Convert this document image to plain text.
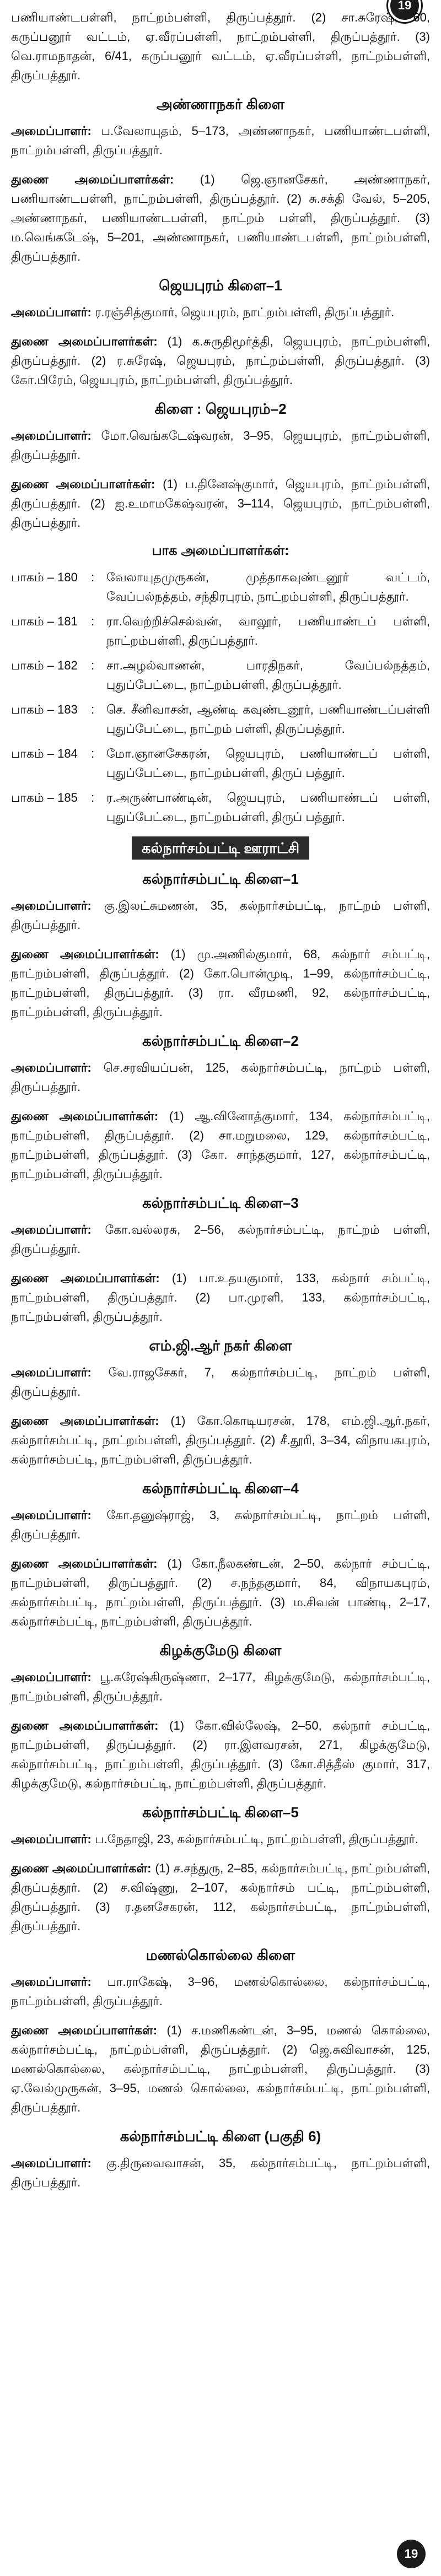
19

பணியாண்டபள்ளி, நாட்றம்பள்ளி, திருப்பத்தூர். (2) சா.சுரேஷ், 60, கருப்பனூர் வட்டம், ஏ.வீரப்பள்ளி, நாட்றம்பள்ளி, திருப்பத்தூர். (3) வெ.ராமநாதன், 6/41, கருப்பனூர் வட்டம், ஏ.வீரப்பள்ளி, நாட்றம்பள்ளி, திருப்பத்தூர்.

அண்ணாநகர் கிளை

அமைப்பாளர்: ப.வேலாயுதம், 5–173, அண்ணாநகர், பணியாண்டபள்ளி, நாட்றம்பள்ளி, திருப்பத்தூர்.

துணை அமைப்பாளர்கள்: (1) ஜெ.ஞானசேகர், அண்ணாநகர், பணியாண்டபள்ளி, நாட்றம்பள்ளி, திருப்பத்தூர். (2) சு.சக்தி வேல், 5–205, அண்ணாநகர், பணியாண்டபள்ளி, நாட்றம் பள்ளி, திருப்பத்தூர். (3) ம.வெங்கடேஷ், 5–201, அண்ணாநகர், பணியாண்டபள்ளி, நாட்றம்பள்ளி, திருப்பத்தூர்.

ஜெயபுரம் கிளை–1

அமைப்பாளர்: ர.ரஞ்சித்குமார், ஜெயபுரம், நாட்றம்பள்ளி, திருப்பத்தூர்.

துணை அமைப்பாளர்கள்: (1) க.சுருதிமூர்த்தி, ஜெயபுரம், நாட்றம்பள்ளி, திருப்பத்தூர். (2) ர.சுரேஷ், ஜெயபுரம், நாட்றம்பள்ளி, திருப்பத்தூர். (3) கோ.பிரேம், ஜெயபுரம், நாட்றம்பள்ளி, திருப்பத்தூர்.

கிளை : ஜெயபுரம்–2

அமைப்பாளர்: மோ.வெங்கடேஷ்வரன், 3–95, ஜெயபுரம், நாட்றம்பள்ளி, திருப்பத்தூர்.

துணை அமைப்பாளர்கள்: (1) ப.தினேஷ்குமார், ஜெயபுரம், நாட்றம்பள்ளி, திருப்பத்தூர். (2) ஐ.உமாமகேஷ்வரன், 3–114, ஜெயபுரம், நாட்றம்பள்ளி, திருப்பத்தூர்.

பாக அமைப்பாளர்கள்:
பாகம் – 180	: வேலாயுதமுருகன், முத்தாகவுண்டனூர் வட்டம், வேப்பல்நத்தம், சந்திரபுரம், நாட்றம்பள்ளி, திருப்பத்தூர்.
பாகம் – 181	: ரா.வெற்றிச்செல்வன், வாலூர், பணியாண்டப் பள்ளி, நாட்றம்பள்ளி, திருப்பத்தூர்.
பாகம் – 182	: சா.அழல்வாணன், பாரதிநகர், வேப்பல்நத்தம், புதுப்பேட்டை, நாட்றம்பள்ளி, திருப்பத்தூர்.
பாகம் – 183	: செ. சீனிவாசன், ஆண்டி கவுண்டனூர், பணியாண்டப்பள்ளி புதுப்பேட்டை, நாட்றம் பள்ளி, திருப்பத்தூர்.
பாகம் – 184	: மோ.ஞானசேகரன், ஜெயபுரம், பணியாண்டப் பள்ளி, புதுப்பேட்டை, நாட்றம்பள்ளி, திருப் பத்தூர்.
பாகம் – 185	: ர.அருண்பாண்டின், ஜெயபுரம், பணியாண்டப் பள்ளி, புதுப்பேட்டை, நாட்றம்பள்ளி, திருப் பத்தூர்.
கல்நார்சம்பட்டி ஊராட்சி
கல்நார்சம்பட்டி கிளை–1

அமைப்பாளர்: கு.இலட்சுமணன், 35, கல்நார்சம்பட்டி, நாட்றம் பள்ளி, திருப்பத்தூர்.

துணை அமைப்பாளர்கள்: (1) மு.அணில்குமார், 68, கல்நார் சம்பட்டி, நாட்றம்பள்ளி, திருப்பத்தூர். (2) கோ.பொன்முடி, 1–99, கல்நார்சம்பட்டி, நாட்றம்பள்ளி, திருப்பத்தூர். (3) ரா. வீரமணி, 92, கல்நார்சம்பட்டி, நாட்றம்பள்ளி, திருப்பத்தூர்.

கல்நார்சம்பட்டி கிளை–2

அமைப்பாளர்: செ.சரவியப்பன், 125, கல்நார்சம்பட்டி, நாட்றம் பள்ளி, திருப்பத்தூர்.

துணை அமைப்பாளர்கள்: (1) ஆ.வினோத்குமார், 134, கல்நார்சம்பட்டி, நாட்றம்பள்ளி, திருப்பத்தூர். (2) சா.மறுமலை, 129, கல்நார்சம்பட்டி, நாட்றம்பள்ளி, திருப்பத்தூர். (3) கோ. சாந்தகுமார், 127, கல்நார்சம்பட்டி, நாட்றம்பள்ளி, திருப்பத்தூர்.

கல்நார்சம்பட்டி கிளை–3

அமைப்பாளர்: கோ.வல்லரசு, 2–56, கல்நார்சம்பட்டி, நாட்றம் பள்ளி, திருப்பத்தூர்.

துணை அமைப்பாளர்கள்: (1) பா.உதயகுமார், 133, கல்நார் சம்பட்டி, நாட்றம்பள்ளி, திருப்பத்தூர். (2) பா.முரளி, 133, கல்நார்சம்பட்டி, நாட்றம்பள்ளி, திருப்பத்தூர்.

எம்.ஜி.ஆர் நகர் கிளை

அமைப்பாளர்: வே.ராஜசேகர், 7, கல்நார்சம்பட்டி, நாட்றம் பள்ளி, திருப்பத்தூர்.

துணை அமைப்பாளர்கள்: (1) கோ.கொடியரசன், 178, எம்.ஜி.ஆர்.நகர், கல்நார்சம்பட்டி, நாட்றம்பள்ளி, திருப்பத்தூர். (2) சீ.தூரி, 3–34, விநாயகபுரம், கல்நார்சம்பட்டி, நாட்றம்பள்ளி, திருப்பத்தூர்.

கல்நார்சம்பட்டி கிளை–4

அமைப்பாளர்: கோ.தனுஷ்ராஜ், 3, கல்நார்சம்பட்டி, நாட்றம் பள்ளி, திருப்பத்தூர்.

துணை அமைப்பாளர்கள்: (1) கோ.நீலகண்டன், 2–50, கல்நார் சம்பட்டி, நாட்றம்பள்ளி, திருப்பத்தூர். (2) ச.நந்தகுமார், 84, விநாயகபுரம், கல்நார்சம்பட்டி, நாட்றம்பள்ளி, திருப்பத்தூர். (3) ம.சிவன் பாண்டி, 2–17, கல்நார்சம்பட்டி, நாட்றம்பள்ளி, திருப்பத்தூர்.

கிழக்குமேடு கிளை

அமைப்பாளர்: பூ.சுரேஷ்கிருஷ்ணா, 2–177, கிழக்குமேடு, கல்நார்சம்பட்டி, நாட்றம்பள்ளி, திருப்பத்தூர்.

துணை அமைப்பாளர்கள்: (1) கோ.வில்லேஷ், 2–50, கல்நார் சம்பட்டி, நாட்றம்பள்ளி, திருப்பத்தூர். (2) ரா.இளவரசன், 271, கிழக்குமேடு, கல்நார்சம்பட்டி, நாட்றம்பள்ளி, திருப்பத்தூர். (3) கோ.சித்தீஸ் குமார், 317, கிழக்குமேடு, கல்நார்சம்பட்டி, நாட்றம்பள்ளி, திருப்பத்தூர்.

கல்நார்சம்பட்டி கிளை–5

அமைப்பாளர்: ப.நேதாஜி, 23, கல்நார்சம்பட்டி, நாட்றம்பள்ளி, திருப்பத்தூர்.

துணை அமைப்பாளர்கள்: (1) ச.சந்துரு, 2–85, கல்நார்சம்பட்டி, நாட்றம்பள்ளி, திருப்பத்தூர். (2) ச.விஷ்ணு, 2–107, கல்நார்சம் பட்டி, நாட்றம்பள்ளி, திருப்பத்தூர். (3) ர.தனசேகரன், 112, கல்நார்சம்பட்டி, நாட்றம்பள்ளி, திருப்பத்தூர்.

மணல்கொல்லை கிளை

அமைப்பாளர்: பா.ராகேஷ், 3–96, மணல்கொல்லை, கல்நார்சம்பட்டி, நாட்றம்பள்ளி, திருப்பத்தூர்.

துணை அமைப்பாளர்கள்: (1) ச.மணிகண்டன், 3–95, மணல் கொல்லை, கல்நார்சம்பட்டி, நாட்றம்பள்ளி, திருப்பத்தூர். (2) ஜெ.சுவிவாசன், 125, மணல்கொல்லை, கல்நார்சம்பட்டி, நாட்றம்பள்ளி, திருப்பத்தூர். (3) ஏ.வேல்முருகன், 3–95, மணல் கொல்லை, கல்நார்சம்பட்டி, நாட்றம்பள்ளி, திருப்பத்தூர்.

கல்நார்சம்பட்டி கிளை (பகுதி 6)

அமைப்பாளர்: கு.திருவைவாசன், 35, கல்நார்சம்பட்டி, நாட்றம்பள்ளி, திருப்பத்தூர்.

19
